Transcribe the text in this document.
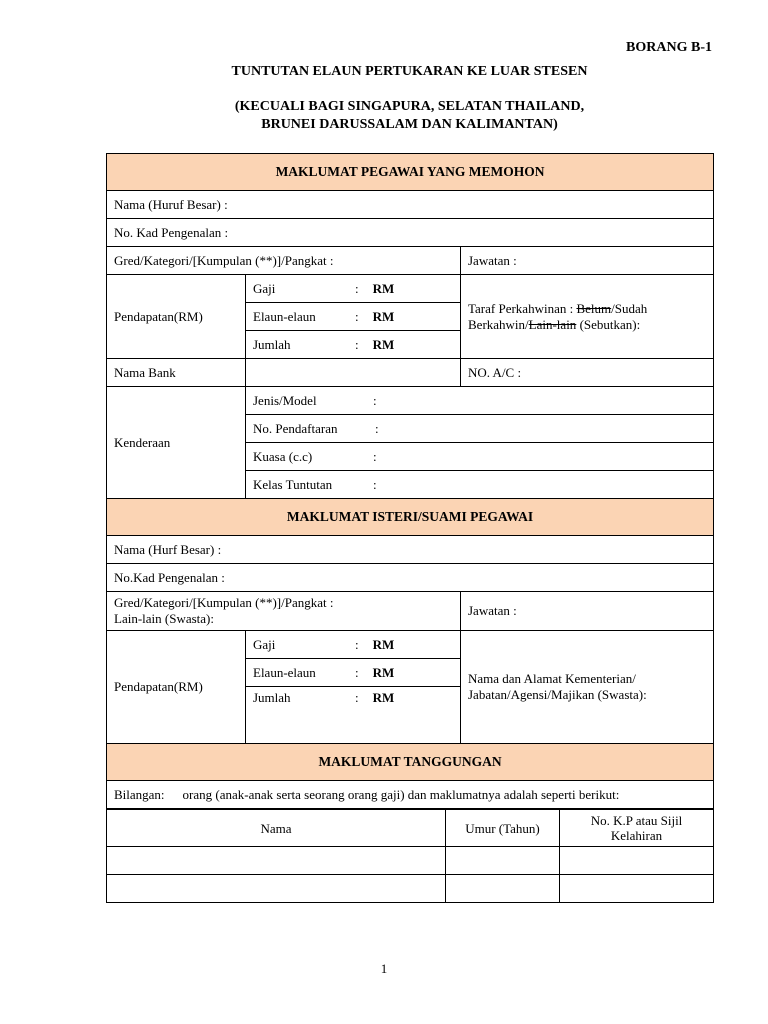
BORANG B-1
TUNTUTAN ELAUN PERTUKARAN KE LUAR STESEN
(KECUALI BAGI SINGAPURA, SELATAN THAILAND,
BRUNEI DARUSSALAM DAN KALIMANTAN)
MAKLUMAT PEGAWAI YANG MEMOHON		
Nama (Huruf Besar) :		
No. Kad Pengenalan :		
Gred/Kategori/[Kumpulan (**)]/Pangkat :		Jawatan :
Pendapatan(RM)	Gaji : RM	Taraf Perkahwinan : Belum/Sudah Berkahwin/Lain-lain (Sebutkan):
	Elaun-elaun : RM	
	Jumlah : RM	
Nama Bank		NO. A/C :
Kenderaan	Jenis/Model :	
	No. Pendaftaran :	
	Kuasa (c.c) :	
	Kelas Tuntutan :	
MAKLUMAT ISTERI/SUAMI PEGAWAI		
Nama (Hurf Besar) :		
No.Kad Pengenalan :		
Gred/Kategori/[Kumpulan (**)]/Pangkat :
Lain-lain (Swasta):		Jawatan :
Pendapatan(RM)	Gaji : RM	Nama dan Alamat Kementerian/ Jabatan/Agensi/Majikan (Swasta):
	Elaun-elaun : RM	
	Jumlah : RM	
MAKLUMAT TANGGUNGAN		
Bilangan: orang (anak-anak serta seorang orang gaji) dan maklumatnya adalah seperti berikut:		
Nama	Umur (Tahun)	No. K.P atau Sijil Kelahiran

1
